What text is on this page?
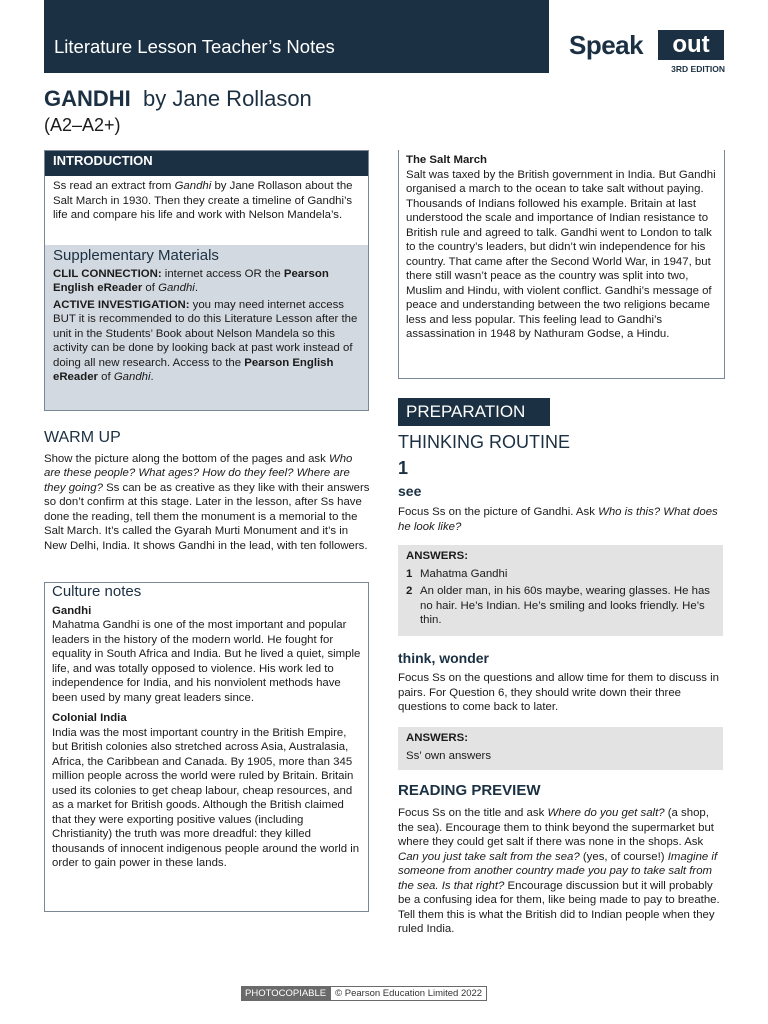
Literature Lesson Teacher’s Notes	Speak	out
3RD EDITION
GANDHI by Jane Rollason
(A2–A2+)
INTRODUCTION
Ss read an extract from Gandhi by Jane Rollason about the Salt March in 1930. Then they create a timeline of Gandhi’s life and compare his life and work with Nelson Mandela’s.
Supplementary Materials

CLIL CONNECTION: internet access OR the Pearson English eReader of Gandhi.

ACTIVE INVESTIGATION: you may need internet access BUT it is recommended to do this Literature Lesson after the unit in the Students’ Book about Nelson Mandela so this activity can be done by looking back at past work instead of doing all new research. Access to the Pearson English eReader of Gandhi.

WARM UP

Show the picture along the bottom of the pages and ask Who are these people? What ages? How do they feel? Where are they going? Ss can be as creative as they like with their answers so don’t confirm at this stage. Later in the lesson, after Ss have done the reading, tell them the monument is a memorial to the Salt March. It’s called the Gyarah Murti Monument and it’s in New Delhi, India. It shows Gandhi in the lead, with ten followers.

Culture notes

Gandhi

Mahatma Gandhi is one of the most important and popular leaders in the history of the modern world. He fought for equality in South Africa and India. But he lived a quiet, simple life, and was totally opposed to violence. His work led to independence for India, and his nonviolent methods have been used by many great leaders since.

Colonial India

India was the most important country in the British Empire, but British colonies also stretched across Asia, Australasia, Africa, the Caribbean and Canada. By 1905, more than 345 million people across the world were ruled by Britain. Britain used its colonies to get cheap labour, cheap resources, and as a market for British goods. Although the British claimed that they were exporting positive values (including Christianity) the truth was more dreadful: they killed thousands of innocent indigenous people around the world in order to gain power in these lands.

The Salt March

Salt was taxed by the British government in India. But Gandhi organised a march to the ocean to take salt without paying. Thousands of Indians followed his example. Britain at last understood the scale and importance of Indian resistance to British rule and agreed to talk. Gandhi went to London to talk to the country’s leaders, but didn’t win independence for his country. That came after the Second World War, in 1947, but there still wasn’t peace as the country was split into two, Muslim and Hindu, with violent conflict. Gandhi’s message of peace and understanding between the two religions became less and less popular. This feeling lead to Gandhi’s assassination in 1948 by Nathuram Godse, a Hindu.

PREPARATION
THINKING ROUTINE
1
see
Focus Ss on the picture of Gandhi. Ask Who is this? What does he look like?
ANSWERS:
1 Mahatma Gandhi
2 An older man, in his 60s maybe, wearing glasses. He has no hair. He’s Indian. He’s smiling and looks friendly. He’s thin.
think, wonder
Focus Ss on the questions and allow time for them to discuss in pairs. For Question 6, they should write down their three questions to come back to later.
ANSWERS:
Ss’ own answers
READING PREVIEW
Focus Ss on the title and ask Where do you get salt? (a shop, the sea). Encourage them to think beyond the supermarket but where they could get salt if there was none in the shops. Ask Can you just take salt from the sea? (yes, of course!) Imagine if someone from another country made you pay to take salt from the sea. Is that right? Encourage discussion but it will probably be a confusing idea for them, like being made to pay to breathe. Tell them this is what the British did to Indian people when they ruled India.
PHOTOCOPIABLE © Pearson Education Limited 2022
